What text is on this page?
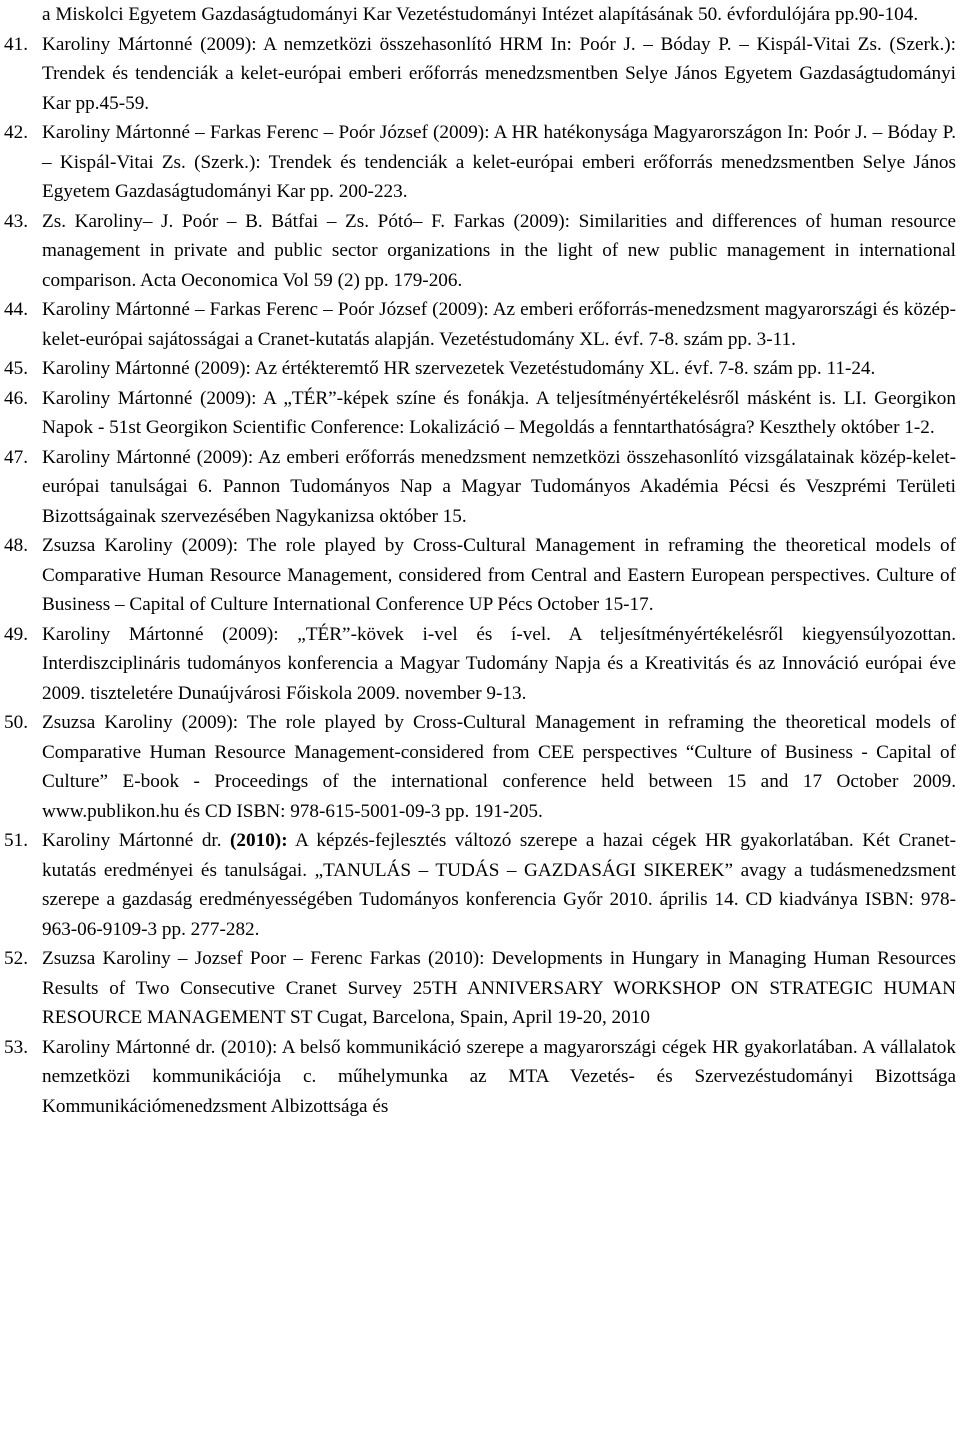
a Miskolci Egyetem Gazdaságtudományi Kar Vezetéstudományi Intézet alapításának 50. évfordulójára pp.90-104.
41. Karoliny Mártonné (2009): A nemzetközi összehasonlító HRM In: Poór J. – Bóday P. – Kispál-Vitai Zs. (Szerk.): Trendek és tendenciák a kelet-európai emberi erőforrás menedzsmentben Selye János Egyetem Gazdaságtudományi Kar pp.45-59.
42. Karoliny Mártonné – Farkas Ferenc – Poór József (2009): A HR hatékonysága Magyarországon In: Poór J. – Bóday P. – Kispál-Vitai Zs. (Szerk.): Trendek és tendenciák a kelet-európai emberi erőforrás menedzsmentben Selye János Egyetem Gazdaságtudományi Kar pp. 200-223.
43. Zs. Karoliny– J. Poór – B. Bátfai – Zs. Pótó– F. Farkas (2009): Similarities and differences of human resource management in private and public sector organizations in the light of new public management in international comparison. Acta Oeconomica Vol 59 (2) pp. 179-206.
44. Karoliny Mártonné – Farkas Ferenc – Poór József (2009): Az emberi erőforrás-menedzsment magyarországi és közép-kelet-európai sajátosságai a Cranet-kutatás alapján. Vezetéstudomány XL. évf. 7-8. szám pp. 3-11.
45. Karoliny Mártonné (2009): Az értékteremtő HR szervezetek Vezetéstudomány XL. évf. 7-8. szám pp. 11-24.
46. Karoliny Mártonné (2009): A „TÉR”-képek színe és fonákja. A teljesítményértékelésről másként is. LI. Georgikon Napok - 51st Georgikon Scientific Conference: Lokalizáció – Megoldás a fenntarthatóságra? Keszthely október 1-2.
47. Karoliny Mártonné (2009): Az emberi erőforrás menedzsment nemzetközi összehasonlító vizsgálatainak közép-kelet-európai tanulságai 6. Pannon Tudományos Nap a Magyar Tudományos Akadémia Pécsi és Veszprémi Területi Bizottságainak szervezésében Nagykanizsa október 15.
48. Zsuzsa Karoliny (2009): The role played by Cross-Cultural Management in reframing the theoretical models of Comparative Human Resource Management, considered from Central and Eastern European perspectives. Culture of Business – Capital of Culture International Conference UP Pécs October 15-17.
49. Karoliny Mártonné (2009): „TÉR”-kövek i-vel és í-vel. A teljesítményértékelésről kiegyensúlyozottan. Interdiszciplináris tudományos konferencia a Magyar Tudomány Napja és a Kreativitás és az Innováció európai éve 2009. tiszteletére Dunaújvárosi Főiskola 2009. november 9-13.
50. Zsuzsa Karoliny (2009): The role played by Cross-Cultural Management in reframing the theoretical models of Comparative Human Resource Management-considered from CEE perspectives “Culture of Business - Capital of Culture” E-book - Proceedings of the international conference held between 15 and 17 October 2009. www.publikon.hu és CD ISBN: 978-615-5001-09-3 pp. 191-205.
51. Karoliny Mártonné dr. (2010): A képzés-fejlesztés változó szerepe a hazai cégek HR gyakorlatában. Két Cranet-kutatás eredményei és tanulságai. „TANULÁS – TUDÁS – GAZDASÁGI SIKEREK” avagy a tudásmenedzsment szerepe a gazdaság eredményességében Tudományos konferencia Győr 2010. április 14. CD kiadványa ISBN: 978-963-06-9109-3 pp. 277-282.
52. Zsuzsa Karoliny – Jozsef Poor – Ferenc Farkas (2010): Developments in Hungary in Managing Human Resources Results of Two Consecutive Cranet Survey 25TH ANNIVERSARY WORKSHOP ON STRATEGIC HUMAN RESOURCE MANAGEMENT ST Cugat, Barcelona, Spain, April 19-20, 2010
53. Karoliny Mártonné dr. (2010): A belső kommunikáció szerepe a magyarországi cégek HR gyakorlatában. A vállalatok nemzetközi kommunikációja c. műhelymunka az MTA Vezetés- és Szervezéstudományi Bizottsága Kommunikációmenedzsment Albizottsága és
